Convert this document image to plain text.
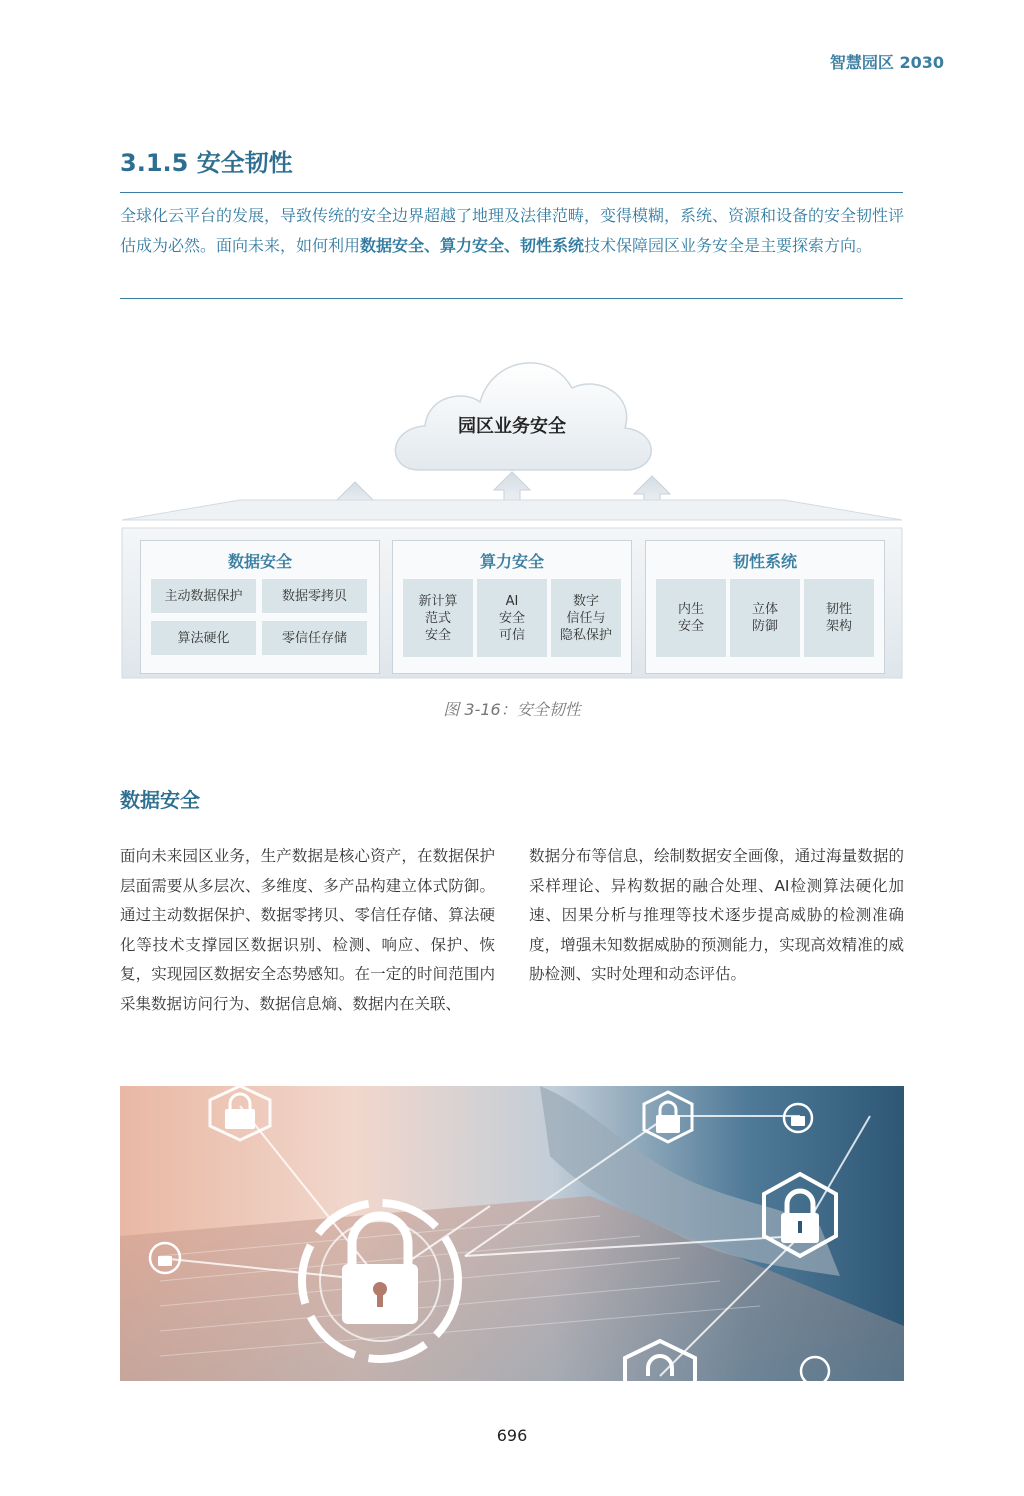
智慧园区 2030
3.1.5 安全韧性
全球化云平台的发展，导致传统的安全边界超越了地理及法律范畴，变得模糊，系统、资源和设备的安全韧性评估成为必然。面向未来，如何利用数据安全、算力安全、韧性系统技术保障园区业务安全是主要探索方向。
园区业务安全
数据安全
主动数据保护	数据零拷贝
算法硬化	零信任存储
算力安全
新计算
范式
安全
AI
安全
可信
数字
信任与
隐私保护
韧性系统
内生
安全
立体
防御
韧性
架构
图 3-16：安全韧性
数据安全
面向未来园区业务，生产数据是核心资产，在数据保护层面需要从多层次、多维度、多产品构建立体式防御。通过主动数据保护、数据零拷贝、零信任存储、算法硬化等技术支撑园区数据识别、检测、响应、保护、恢复，实现园区数据安全态势感知。在一定的时间范围内采集数据访问行为、数据信息熵、数据内在关联、
数据分布等信息，绘制数据安全画像，通过海量数据的采样理论、异构数据的融合处理、AI检测算法硬化加速、因果分析与推理等技术逐步提高威胁的检测准确度，增强未知数据威胁的预测能力，实现高效精准的威胁检测、实时处理和动态评估。
696
